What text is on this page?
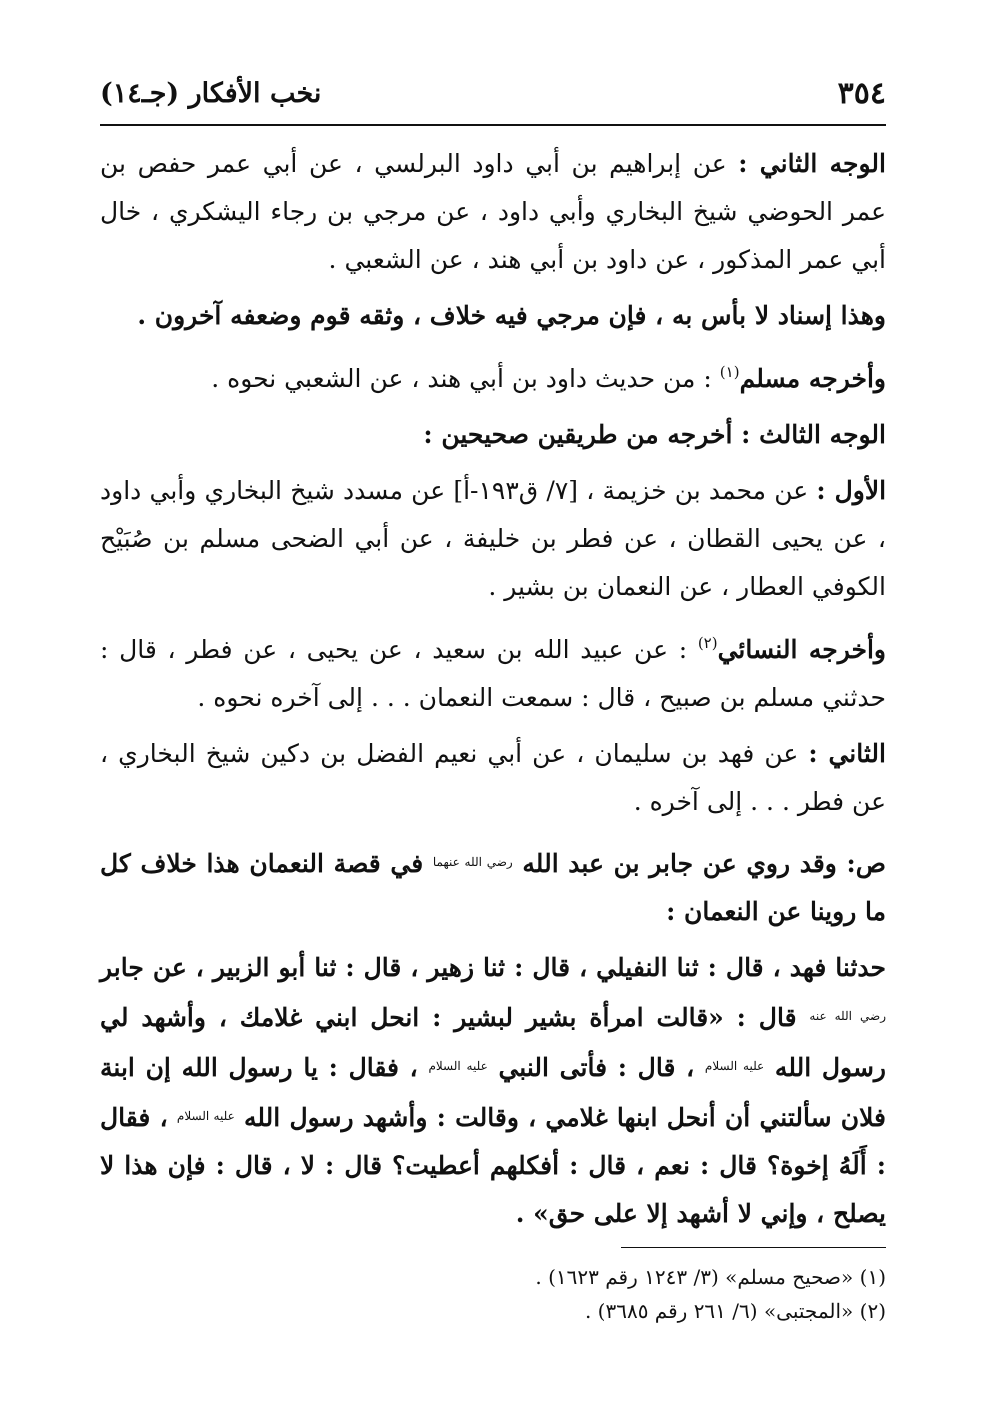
٣٥٤
نخب الأفكار (جـ١٤)

الوجه الثاني : عن إبراهيم بن أبي داود البرلسي ، عن أبي عمر حفص بن عمر الحوضي شيخ البخاري وأبي داود ، عن مرجي بن رجاء اليشكري ، خال أبي عمر المذكور ، عن داود بن أبي هند ، عن الشعبي .

وهذا إسناد لا بأس به ، فإن مرجي فيه خلاف ، وثقه قوم وضعفه آخرون .

وأخرجه مسلم$^{(١)}$ : من حديث داود بن أبي هند ، عن الشعبي نحوه .

الوجه الثالث : أخرجه من طريقين صحيحين :

الأول : عن محمد بن خزيمة ، [٧/ ق١٩٣-أ] عن مسدد شيخ البخاري وأبي داود ، عن يحيى القطان ، عن فطر بن خليفة ، عن أبي الضحى مسلم بن صُبَيْح الكوفي العطار ، عن النعمان بن بشير .

وأخرجه النسائي$^{(٢)}$ : عن عبيد الله بن سعيد ، عن يحيى ، عن فطر ، قال : حدثني مسلم بن صبيح ، قال : سمعت النعمان . . . إلى آخره نحوه .

الثاني : عن فهد بن سليمان ، عن أبي نعيم الفضل بن دكين شيخ البخاري ، عن فطر . . . إلى آخره .

ص: وقد روي عن جابر بن عبد الله $^{رضي الله عنهما}$ في قصة النعمان هذا خلاف كل ما روينا عن النعمان :

حدثنا فهد ، قال : ثنا النفيلي ، قال : ثنا زهير ، قال : ثنا أبو الزبير ، عن جابر $^{رضي الله عنه}$ قال : «قالت امرأة بشير لبشير : انحل ابني غلامك ، وأشهد لي رسول الله $^{عليه السلام}$ ، قال : فأتى النبي $^{عليه السلام}$ ، فقال : يا رسول الله إن ابنة فلان سألتني أن أنحل ابنها غلامي ، وقالت : وأشهد رسول الله $^{عليه السلام}$ ، فقال : أَلَهُ إخوة؟ قال : نعم ، قال : أفكلهم أعطيت؟ قال : لا ، قال : فإن هذا لا يصلح ، وإني لا أشهد إلا على حق» .

(١) «صحيح مسلم» (٣/ ١٢٤٣ رقم ١٦٢٣) .
(٢) «المجتبى» (٦/ ٢٦١ رقم ٣٦٨٥) .
